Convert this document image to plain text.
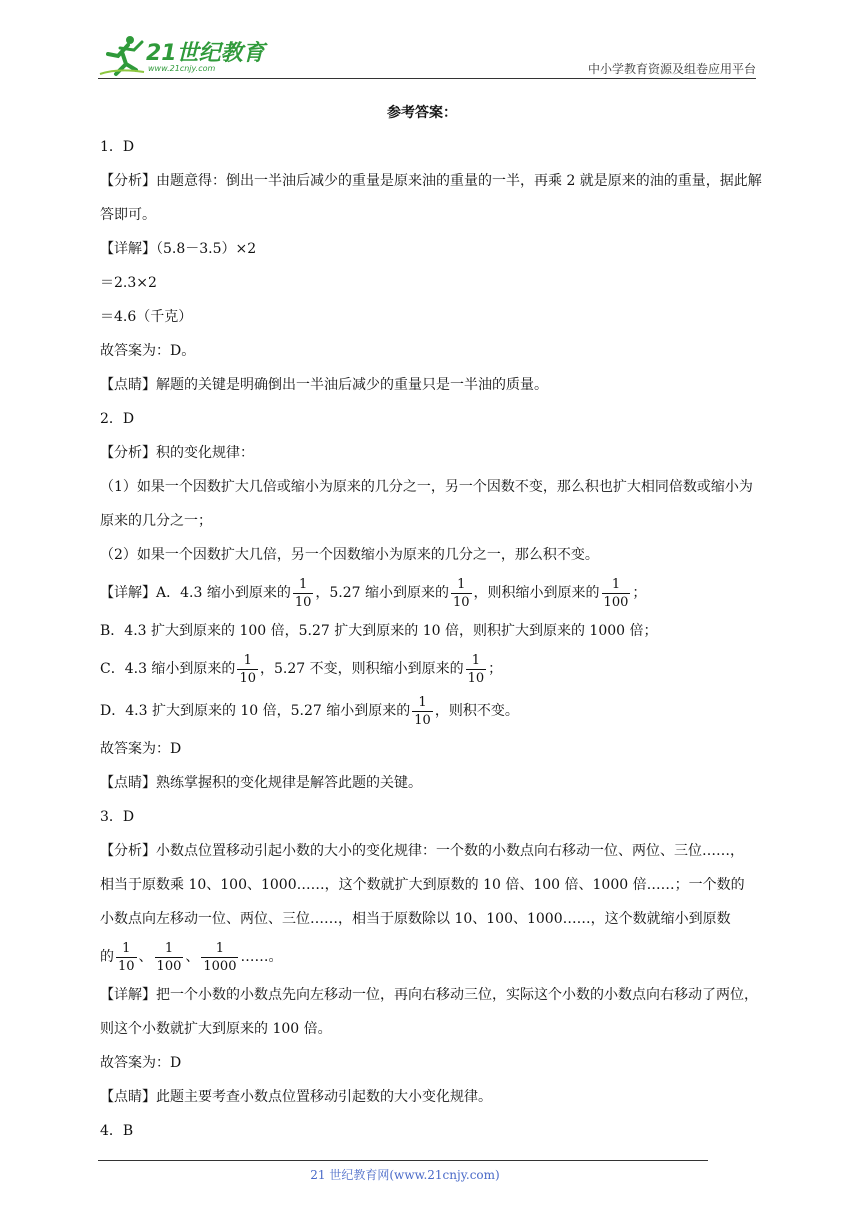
21世纪教育
www.21cnjy.com	中小学教育资源及组卷应用平台
参考答案：
1．D
【分析】由题意得：倒出一半油后减少的重量是原来油的重量的一半，再乘 2 就是原来的油的重量，据此解答即可。
【详解】（5.8－3.5）×2
＝2.3×2
＝4.6（千克）
故答案为：D。
【点睛】解题的关键是明确倒出一半油后减少的重量只是一半油的质量。
2．D
【分析】积的变化规律：
（1）如果一个因数扩大几倍或缩小为原来的几分之一，另一个因数不变，那么积也扩大相同倍数或缩小为原来的几分之一；
（2）如果一个因数扩大几倍，另一个因数缩小为原来的几分之一，那么积不变。
【详解】A．4.3 缩小到原来的 $\frac{1}{10}$ ，5.27 缩小到原来的 $\frac{1}{10}$ ，则积缩小到原来的 $\frac{1}{100}$ ；
B．4.3 扩大到原来的 100 倍，5.27 扩大到原来的 10 倍，则积扩大到原来的 1000 倍；
C．4.3 缩小到原来的 $\frac{1}{10}$ ，5.27 不变，则积缩小到原来的 $\frac{1}{10}$ ；
D．4.3 扩大到原来的 10 倍，5.27 缩小到原来的 $\frac{1}{10}$ ，则积不变。
故答案为：D
【点睛】熟练掌握积的变化规律是解答此题的关键。
3．D
【分析】小数点位置移动引起小数的大小的变化规律：一个数的小数点向右移动一位、两位、三位……，
相当于原数乘 10、100、1000……，这个数就扩大到原数的 10 倍、100 倍、1000 倍……；一个数的
小数点向左移动一位、两位、三位……，相当于原数除以 10、100、1000……，这个数就缩小到原数
的 $\frac{1}{10}$ 、 $\frac{1}{100}$ 、 $\frac{1}{1000}$ ……。
【详解】把一个小数的小数点先向左移动一位，再向右移动三位，实际这个小数的小数点向右移动了两位，则这个小数就扩大到原来的 100 倍。
故答案为：D
【点睛】此题主要考查小数点位置移动引起数的大小变化规律。
4．B
21 世纪教育网(www.21cnjy.com)
